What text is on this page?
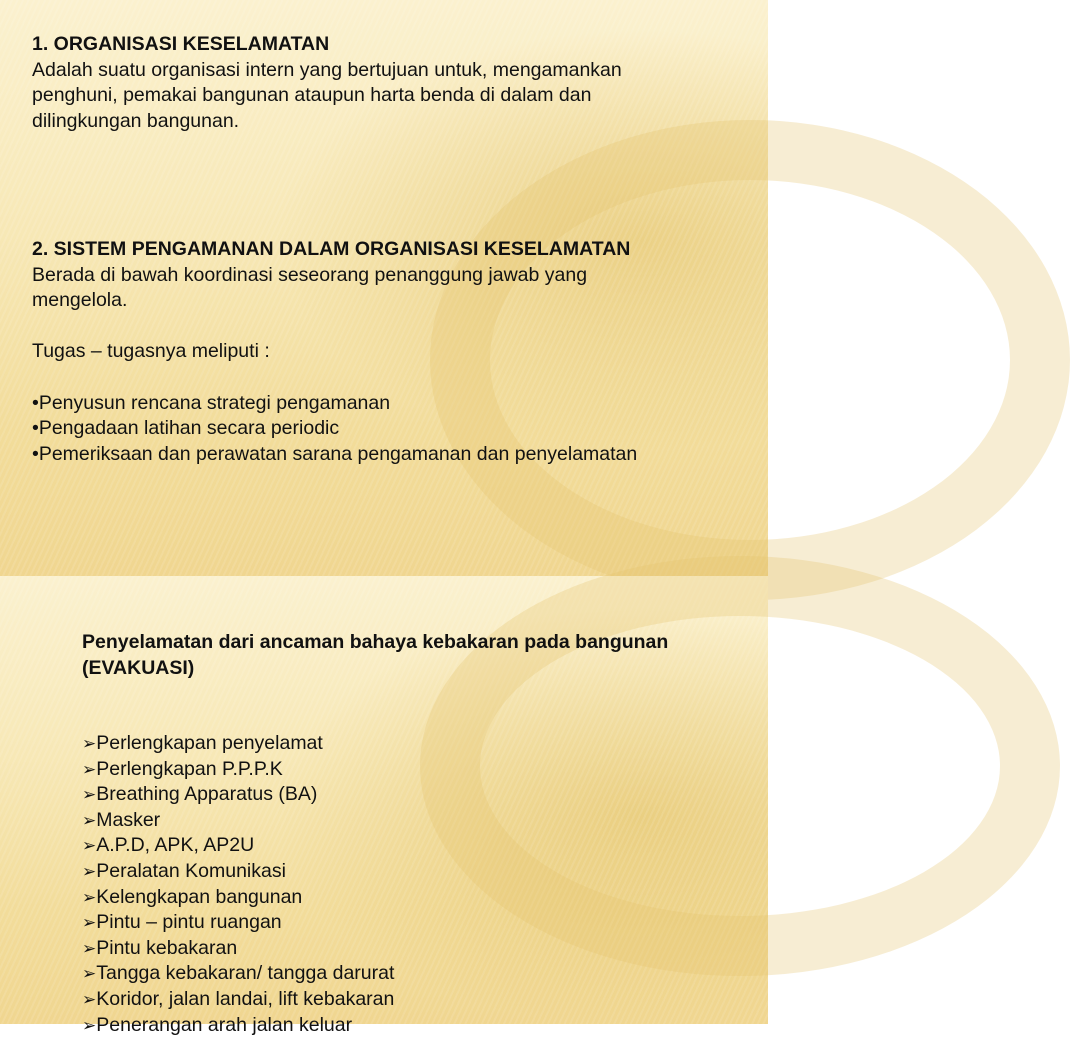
1. ORGANISASI KESELAMATAN

Adalah suatu organisasi intern yang bertujuan untuk, mengamankan

penghuni, pemakai bangunan ataupun harta benda di dalam dan

dilingkungan bangunan.

2. SISTEM PENGAMANAN DALAM ORGANISASI KESELAMATAN

Berada di bawah koordinasi seseorang penanggung jawab yang

mengelola.

Tugas – tugasnya meliputi :

•Penyusun rencana strategi pengamanan

•Pengadaan latihan secara periodic

•Pemeriksaan dan perawatan sarana pengamanan dan penyelamatan

Penyelamatan dari ancaman bahaya kebakaran pada bangunan

(EVAKUASI)

➢Perlengkapan penyelamat

➢Perlengkapan P.P.P.K

➢Breathing Apparatus (BA)

➢Masker

➢A.P.D, APK, AP2U

➢Peralatan Komunikasi

➢Kelengkapan bangunan

➢Pintu – pintu ruangan

➢Pintu kebakaran

➢Tangga kebakaran/ tangga darurat

➢Koridor, jalan landai, lift kebakaran

➢Penerangan arah jalan keluar
